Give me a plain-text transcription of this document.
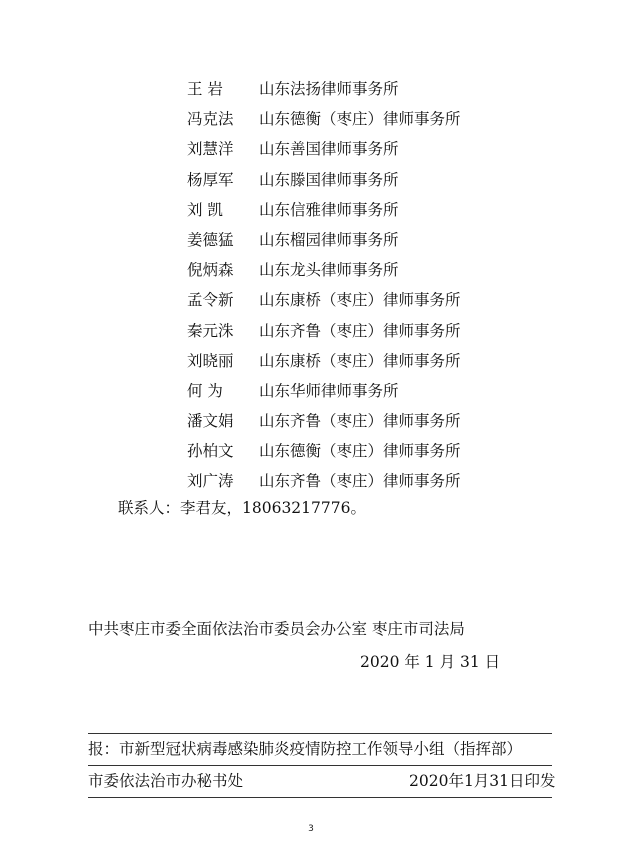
王 岩	山东法扬律师事务所
冯克法	山东德衡（枣庄）律师事务所
刘慧洋	山东善国律师事务所
杨厚军	山东滕国律师事务所
刘 凯	山东信雅律师事务所
姜德猛	山东榴园律师事务所
倪炳森	山东龙头律师事务所
孟令新	山东康桥（枣庄）律师事务所
秦元洙	山东齐鲁（枣庄）律师事务所
刘晓丽	山东康桥（枣庄）律师事务所
何 为	山东华师律师事务所
潘文娟	山东齐鲁（枣庄）律师事务所
孙柏文	山东德衡（枣庄）律师事务所
刘广涛	山东齐鲁（枣庄）律师事务所
联系人：李君友，18063217776。
中共枣庄市委全面依法治市委员会办公室 枣庄市司法局
2020 年 1 月 31 日
报：市新型冠状病毒感染肺炎疫情防控工作领导小组（指挥部）
市委依法治市办秘书处	2020年1月31日印发
3
